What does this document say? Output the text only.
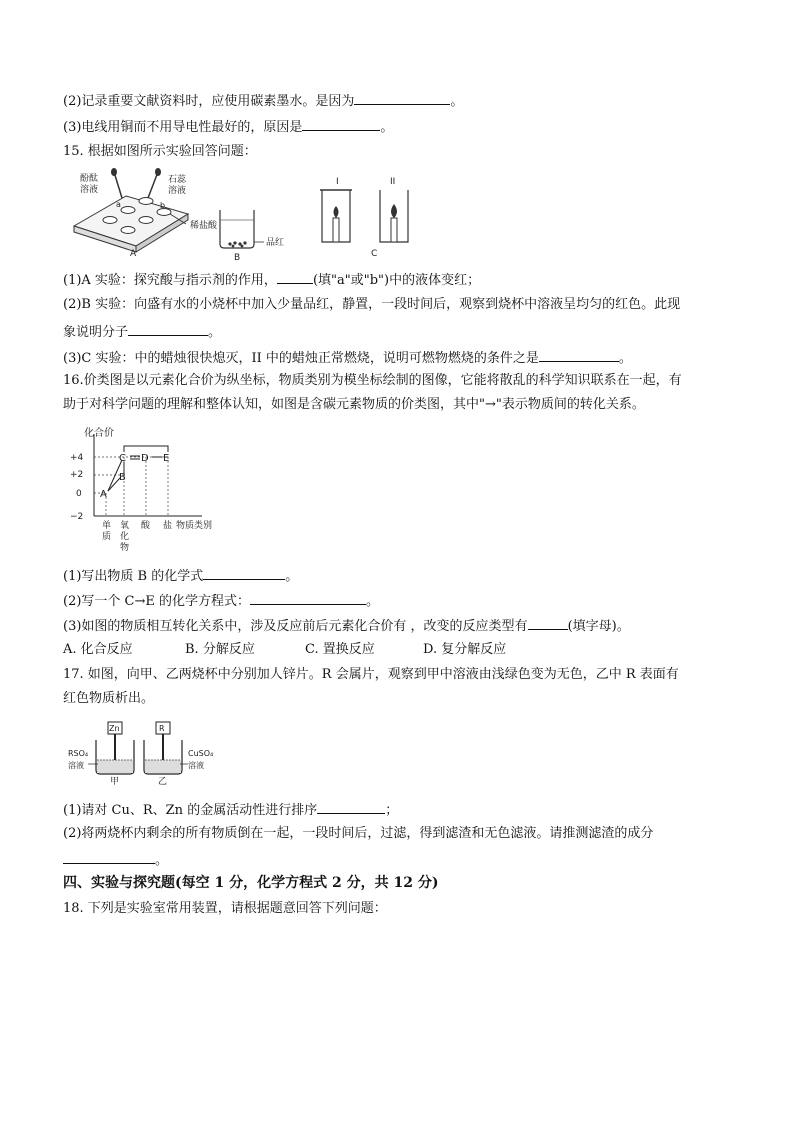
(2)记录重要文献资料时，应使用碳素墨水。是因为	。
(3)电线用铜而不用导电性最好的，原因是	。
15. 根据如图所示实验回答问题：
酚酞溶液
石蕊溶液
稀盐酸
a	b
A
品红
B
I	II
C
(1)A 实验：探究酸与指示剂的作用，	(填"a"或"b")中的液体变红；
(2)B 实验：向盛有水的小烧杯中加入少量品红，静置，一段时间后，观察到烧杯中溶液呈均匀的红色。此现
象说明分子	。
(3)C 实验：中的蜡烛很快熄灭，II 中的蜡烛正常燃烧，说明可燃物燃烧的条件之是	。
16.价类图是以元素化合价为纵坐标，物质类别为模坐标绘制的图像，它能将散乱的科学知识联系在一起，有
助于对科学问题的理解和整体认知，如图是含碳元素物质的价类图，其中"→"表示物质间的转化关系。
化合价
+4
+2
0
−2
A
B
C D E
单质
氧化物
酸 盐 物质类别
(1)写出物质 B 的化学式	。
(2)写一个 C→E 的化学方程式：	。
(3)如图的物质相互转化关系中，涉及反应前后元素化合价有 ，改变的反应类型有	(填字母)。
A. 化合反应	B. 分解反应	C. 置换反应	D. 复分解反应
17. 如图，向甲、乙两烧杯中分别加人锌片。R 会属片，观察到甲中溶液由浅绿色变为无色，乙中 R 表面有
红色物质析出。
Zn
RSO₄ 溶液
甲
R
CuSO₄ 溶液
乙
(1)请对 Cu、R、Zn 的金属活动性进行排序	；
(2)将两烧杯内剩余的所有物质倒在一起，一段时间后，过滤，得到滤渣和无色滤液。请推测滤渣的成分
。
四、实验与探究题(每空 1 分，化学方程式 2 分，共 12 分)
18. 下列是实验室常用装置，请根据题意回答下列问题：
